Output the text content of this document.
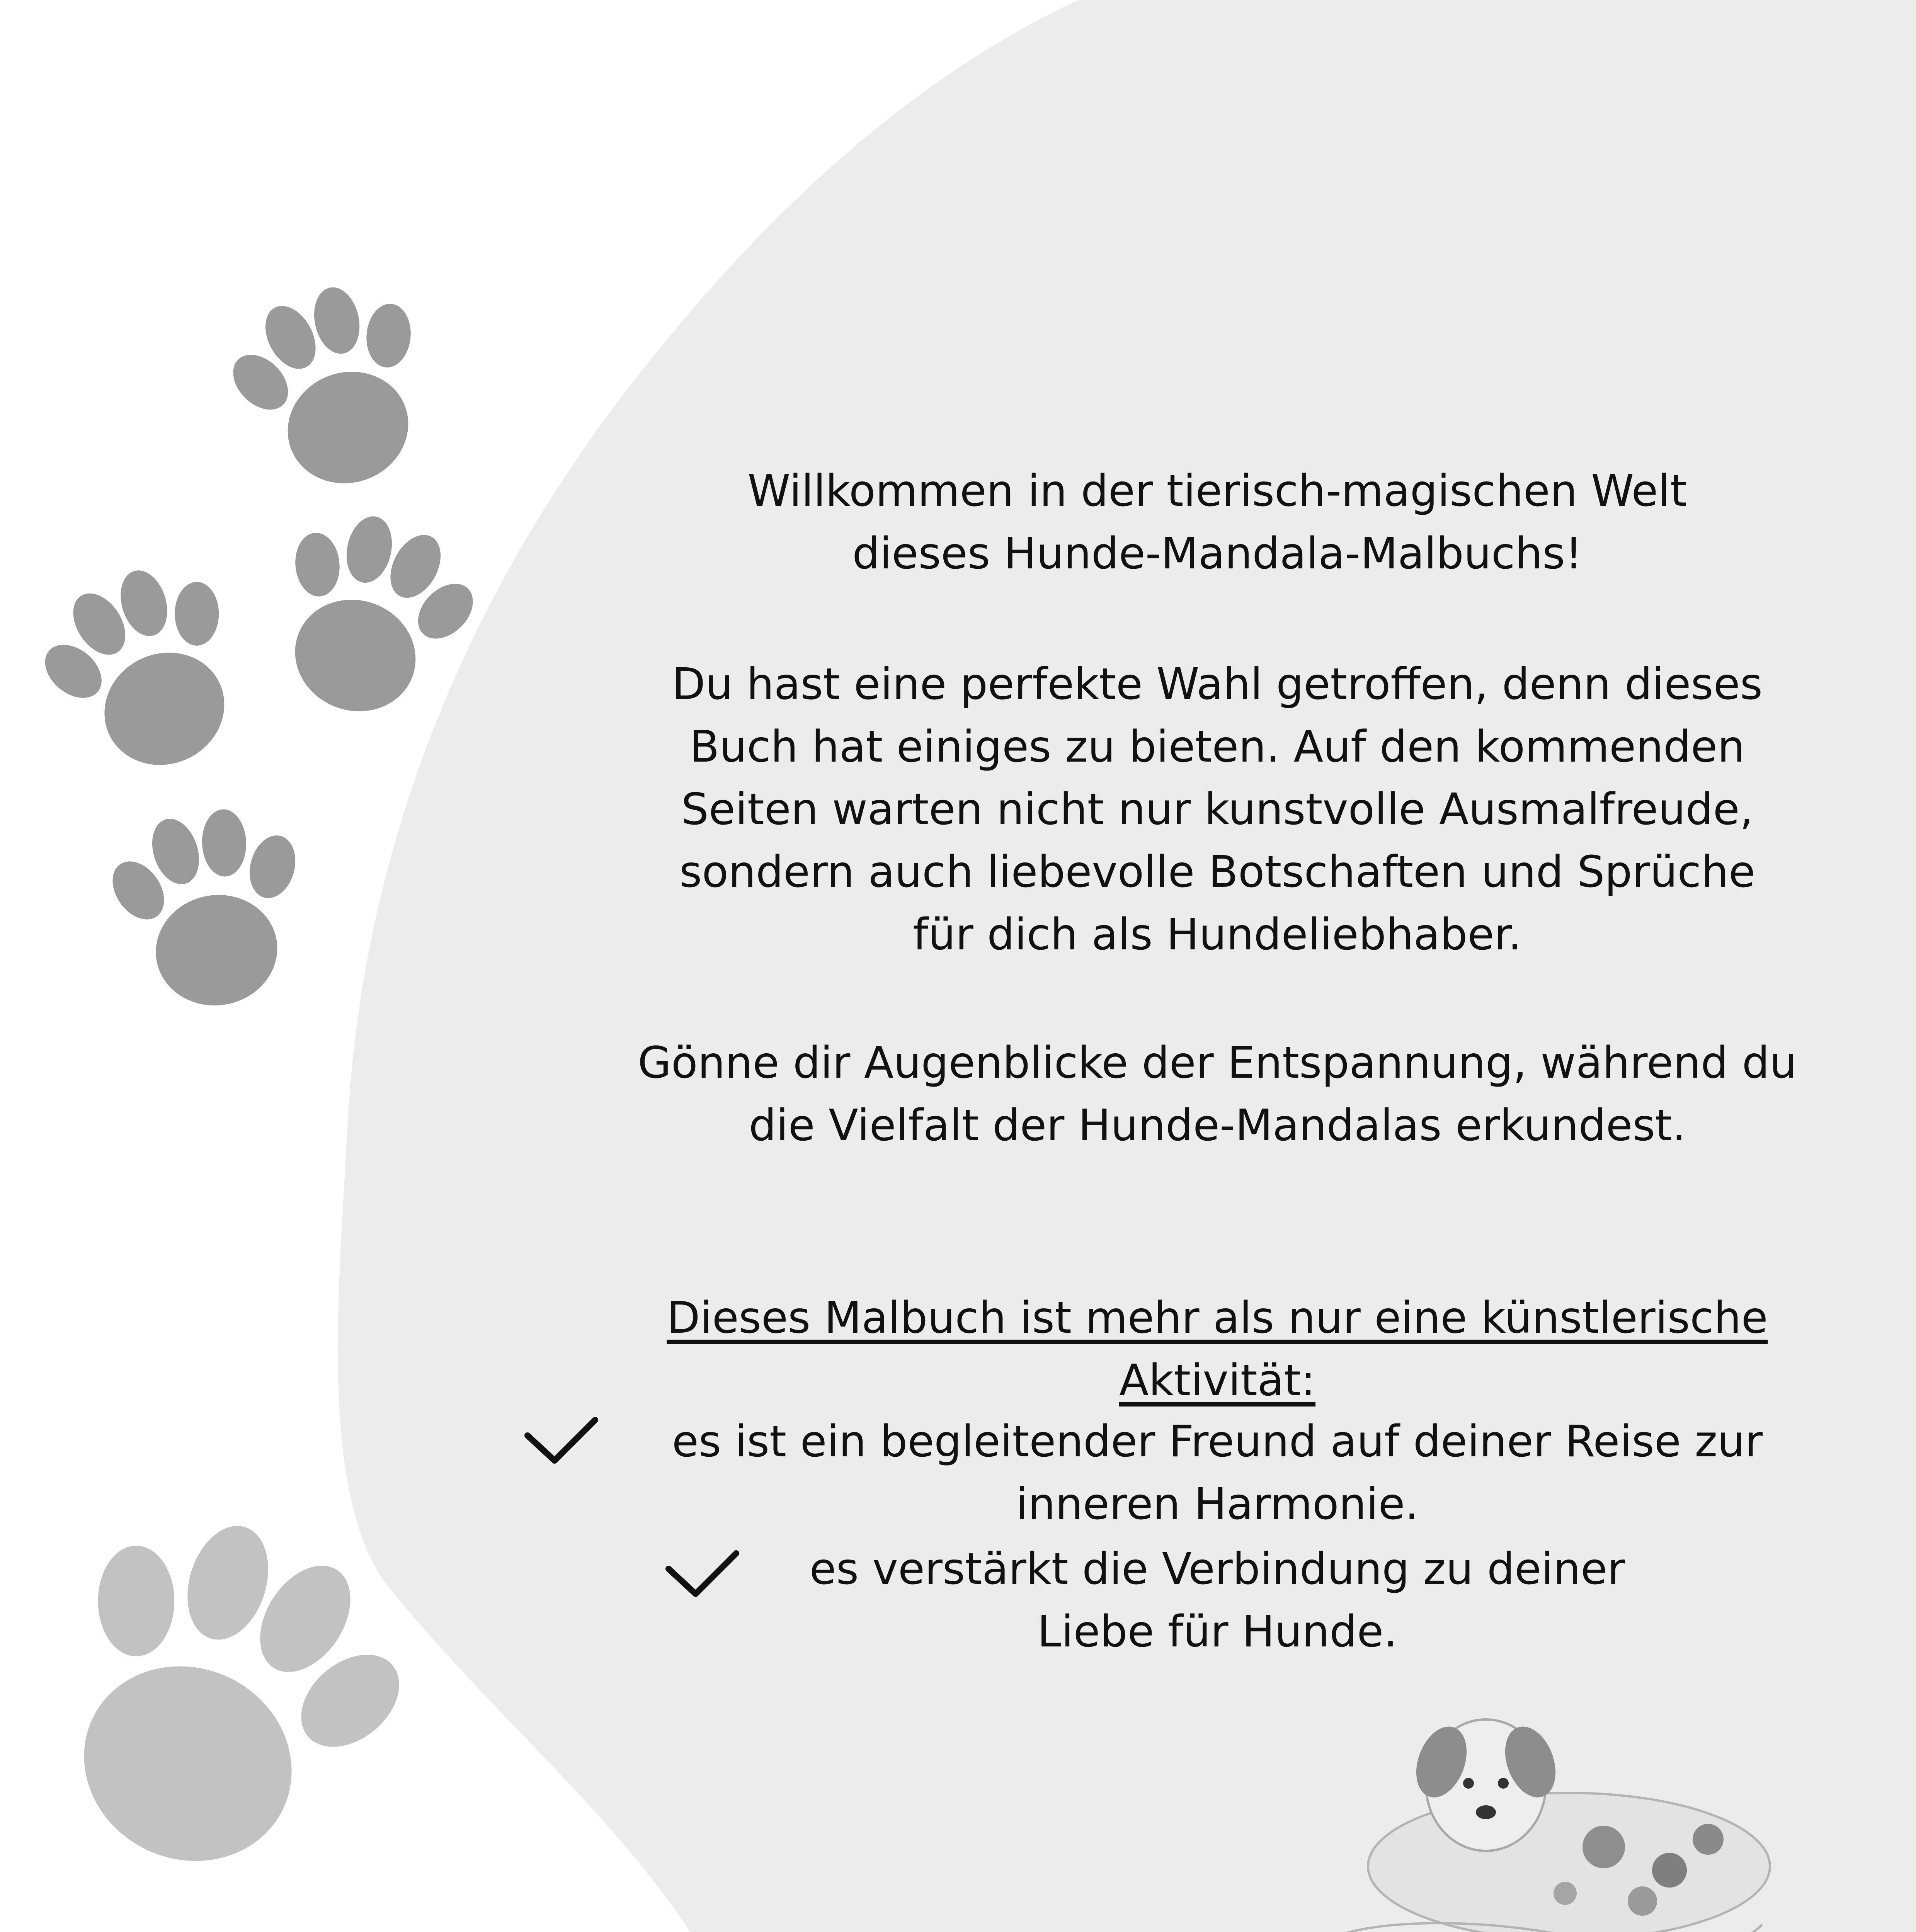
Willkommen in der tierisch-magischen Welt
dieses Hunde-Mandala-Malbuchs!
Du hast eine perfekte Wahl getroffen, denn dieses
Buch hat einiges zu bieten. Auf den kommenden
Seiten warten nicht nur kunstvolle Ausmalfreude,
sondern auch liebevolle Botschaften und Sprüche
für dich als Hundeliebhaber.
Gönne dir Augenblicke der Entspannung, während du
die Vielfalt der Hunde-Mandalas erkundest.
Dieses Malbuch ist mehr als nur eine künstlerische
Aktivität:
es ist ein begleitender Freund auf deiner Reise zur
inneren Harmonie.
es verstärkt die Verbindung zu deiner
Liebe für Hunde.
